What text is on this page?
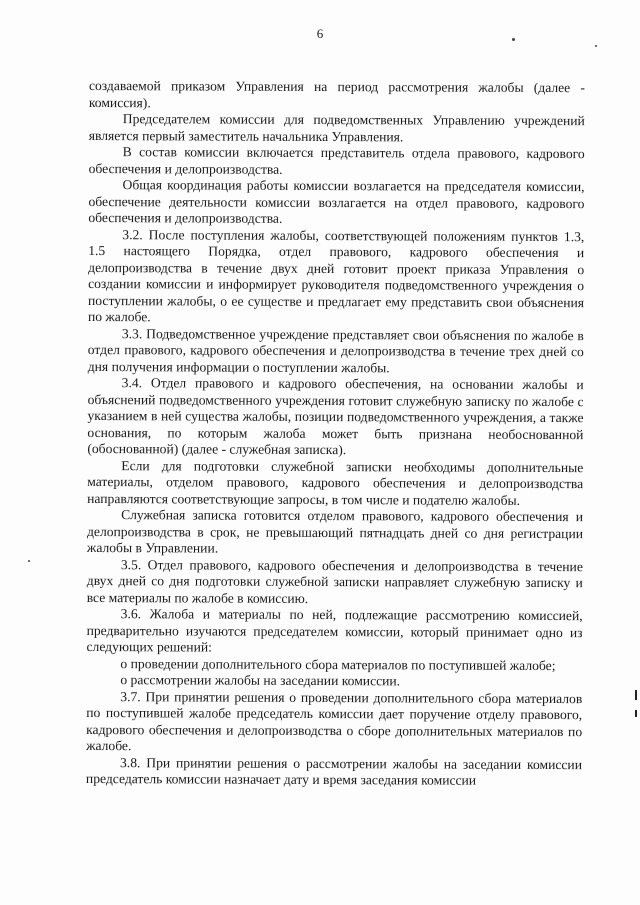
6

создаваемой приказом Управления на период рассмотрения жалобы (далее - комиссия).

Председателем комиссии для подведомственных Управлению учреждений является первый заместитель начальника Управления.

В состав комиссии включается представитель отдела правового, кадрового обеспечения и делопроизводства.

Общая координация работы комиссии возлагается на председателя комиссии, обеспечение деятельности комиссии возлагается на отдел правового, кадрового обеспечения и делопроизводства.

3.2. После поступления жалобы, соответствующей положениям пунктов 1.3, 1.5 настоящего Порядка, отдел правового, кадрового обеспечения и делопроизводства в течение двух дней готовит проект приказа Управления о создании комиссии и информирует руководителя подведомственного учреждения о поступлении жалобы, о ее существе и предлагает ему представить свои объяснения по жалобе.

3.3. Подведомственное учреждение представляет свои объяснения по жалобе в отдел правового, кадрового обеспечения и делопроизводства в течение трех дней со дня получения информации о поступлении жалобы.

3.4. Отдел правового и кадрового обеспечения, на основании жалобы и объяснений подведомственного учреждения готовит служебную записку по жалобе с указанием в ней существа жалобы, позиции подведомственного учреждения, а также основания, по которым жалоба может быть признана необоснованной (обоснованной) (далее - служебная записка).

Если для подготовки служебной записки необходимы дополнительные материалы, отделом правового, кадрового обеспечения и делопроизводства направляются соответствующие запросы, в том числе и подателю жалобы.

Служебная записка готовится отделом правового, кадрового обеспечения и делопроизводства в срок, не превышающий пятнадцать дней со дня регистрации жалобы в Управлении.

3.5. Отдел правового, кадрового обеспечения и делопроизводства в течение двух дней со дня подготовки служебной записки направляет служебную записку и все материалы по жалобе в комиссию.

3.6. Жалоба и материалы по ней, подлежащие рассмотрению комиссией, предварительно изучаются председателем комиссии, который принимает одно из следующих решений:

о проведении дополнительного сбора материалов по поступившей жалобе;

о рассмотрении жалобы на заседании комиссии.

3.7. При принятии решения о проведении дополнительного сбора материалов по поступившей жалобе председатель комиссии дает поручение отделу правового, кадрового обеспечения и делопроизводства о сборе дополнительных материалов по жалобе.

3.8. При принятии решения о рассмотрении жалобы на заседании комиссии председатель комиссии назначает дату и время заседания комиссии
